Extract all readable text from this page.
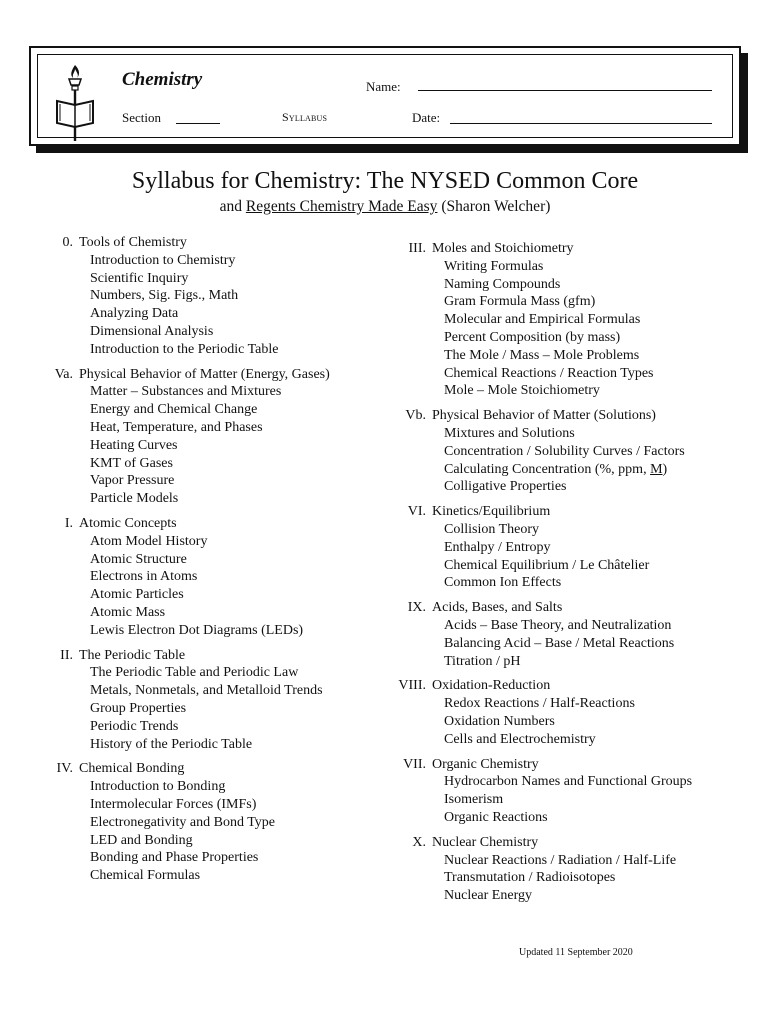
Chemistry
Section	Syllabus
Name:
Date:
Syllabus for Chemistry: The NYSED Common Core
and Regents Chemistry Made Easy (Sharon Welcher)
0. Tools of Chemistry
Introduction to Chemistry
Scientific Inquiry
Numbers, Sig. Figs., Math
Analyzing Data
Dimensional Analysis
Introduction to the Periodic Table
Va. Physical Behavior of Matter (Energy, Gases)
Matter – Substances and Mixtures
Energy and Chemical Change
Heat, Temperature, and Phases
Heating Curves
KMT of Gases
Vapor Pressure
Particle Models
I. Atomic Concepts
Atom Model History
Atomic Structure
Electrons in Atoms
Atomic Particles
Atomic Mass
Lewis Electron Dot Diagrams (LEDs)
II. The Periodic Table
The Periodic Table and Periodic Law
Metals, Nonmetals, and Metalloid Trends
Group Properties
Periodic Trends
History of the Periodic Table
IV. Chemical Bonding
Introduction to Bonding
Intermolecular Forces (IMFs)
Electronegativity and Bond Type
LED and Bonding
Bonding and Phase Properties
Chemical Formulas
III. Moles and Stoichiometry
Writing Formulas
Naming Compounds
Gram Formula Mass (gfm)
Molecular and Empirical Formulas
Percent Composition (by mass)
The Mole / Mass – Mole Problems
Chemical Reactions / Reaction Types
Mole – Mole Stoichiometry
Vb. Physical Behavior of Matter (Solutions)
Mixtures and Solutions
Concentration / Solubility Curves / Factors
Calculating Concentration (%, ppm, M)
Colligative Properties
VI. Kinetics/Equilibrium
Collision Theory
Enthalpy / Entropy
Chemical Equilibrium / Le Châtelier
Common Ion Effects
IX. Acids, Bases, and Salts
Acids – Base Theory, and Neutralization
Balancing Acid – Base / Metal Reactions
Titration / pH
VIII. Oxidation-Reduction
Redox Reactions / Half-Reactions
Oxidation Numbers
Cells and Electrochemistry
VII. Organic Chemistry
Hydrocarbon Names and Functional Groups
Isomerism
Organic Reactions
X. Nuclear Chemistry
Nuclear Reactions / Radiation / Half-Life
Transmutation / Radioisotopes
Nuclear Energy
Updated 11 September 2020
